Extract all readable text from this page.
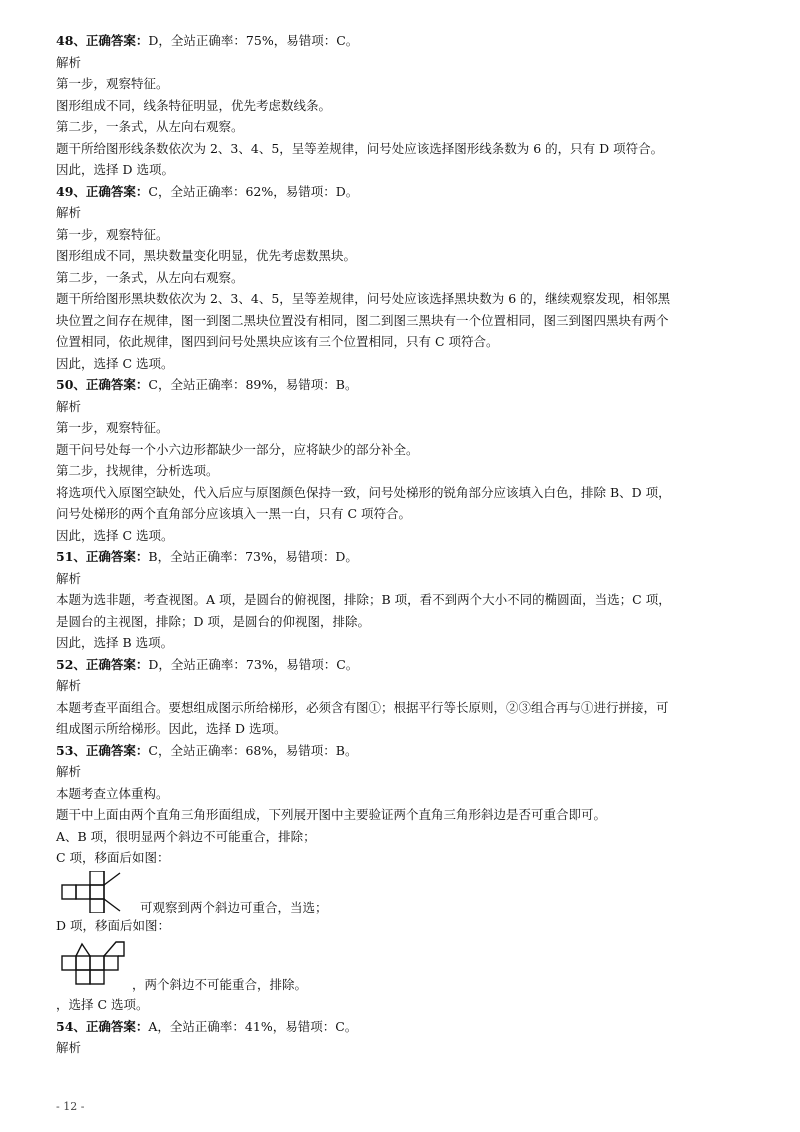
48、正确答案：D，全站正确率：75%，易错项：C。
解析
第一步，观察特征。
图形组成不同，线条特征明显，优先考虑数线条。
第二步，一条式，从左向右观察。
题干所给图形线条数依次为 2、3、4、5，呈等差规律，问号处应该选择图形线条数为 6 的，只有 D 项符合。
因此，选择 D 选项。
49、正确答案：C，全站正确率：62%，易错项：D。
解析
第一步，观察特征。
图形组成不同，黑块数量变化明显，优先考虑数黑块。
第二步，一条式，从左向右观察。
题干所给图形黑块数依次为 2、3、4、5，呈等差规律，问号处应该选择黑块数为 6 的，继续观察发现，相邻黑
块位置之间存在规律，图一到图二黑块位置没有相同，图二到图三黑块有一个位置相同，图三到图四黑块有两个
位置相同，依此规律，图四到问号处黑块应该有三个位置相同，只有 C 项符合。
因此，选择 C 选项。
50、正确答案：C，全站正确率：89%，易错项：B。
解析
第一步，观察特征。
题干问号处每一个小六边形都缺少一部分，应将缺少的部分补全。
第二步，找规律，分析选项。
将选项代入原图空缺处，代入后应与原图颜色保持一致，问号处梯形的锐角部分应该填入白色，排除 B、D 项，
问号处梯形的两个直角部分应该填入一黑一白，只有 C 项符合。
因此，选择 C 选项。
51、正确答案：B，全站正确率：73%，易错项：D。
解析
本题为选非题，考查视图。A 项，是圆台的俯视图，排除；B 项，看不到两个大小不同的椭圆面，当选；C 项，
是圆台的主视图，排除；D 项，是圆台的仰视图，排除。
因此，选择 B 选项。
52、正确答案：D，全站正确率：73%，易错项：C。
解析
本题考查平面组合。要想组成图示所给梯形，必须含有图①；根据平行等长原则，②③组合再与①进行拼接，可
组成图示所给梯形。因此，选择 D 选项。
53、正确答案：C，全站正确率：68%，易错项：B。
解析
本题考查立体重构。
题干中上面由两个直角三角形面组成，下列展开图中主要验证两个直角三角形斜边是否可重合即可。
A、B 项，很明显两个斜边不可能重合，排除；
C 项，移面后如图：
可观察到两个斜边可重合，当选；
D 项，移面后如图：
，两个斜边不可能重合，排除。
，选择 C 选项。
54、正确答案：A，全站正确率：41%，易错项：C。
解析
- 12 -
